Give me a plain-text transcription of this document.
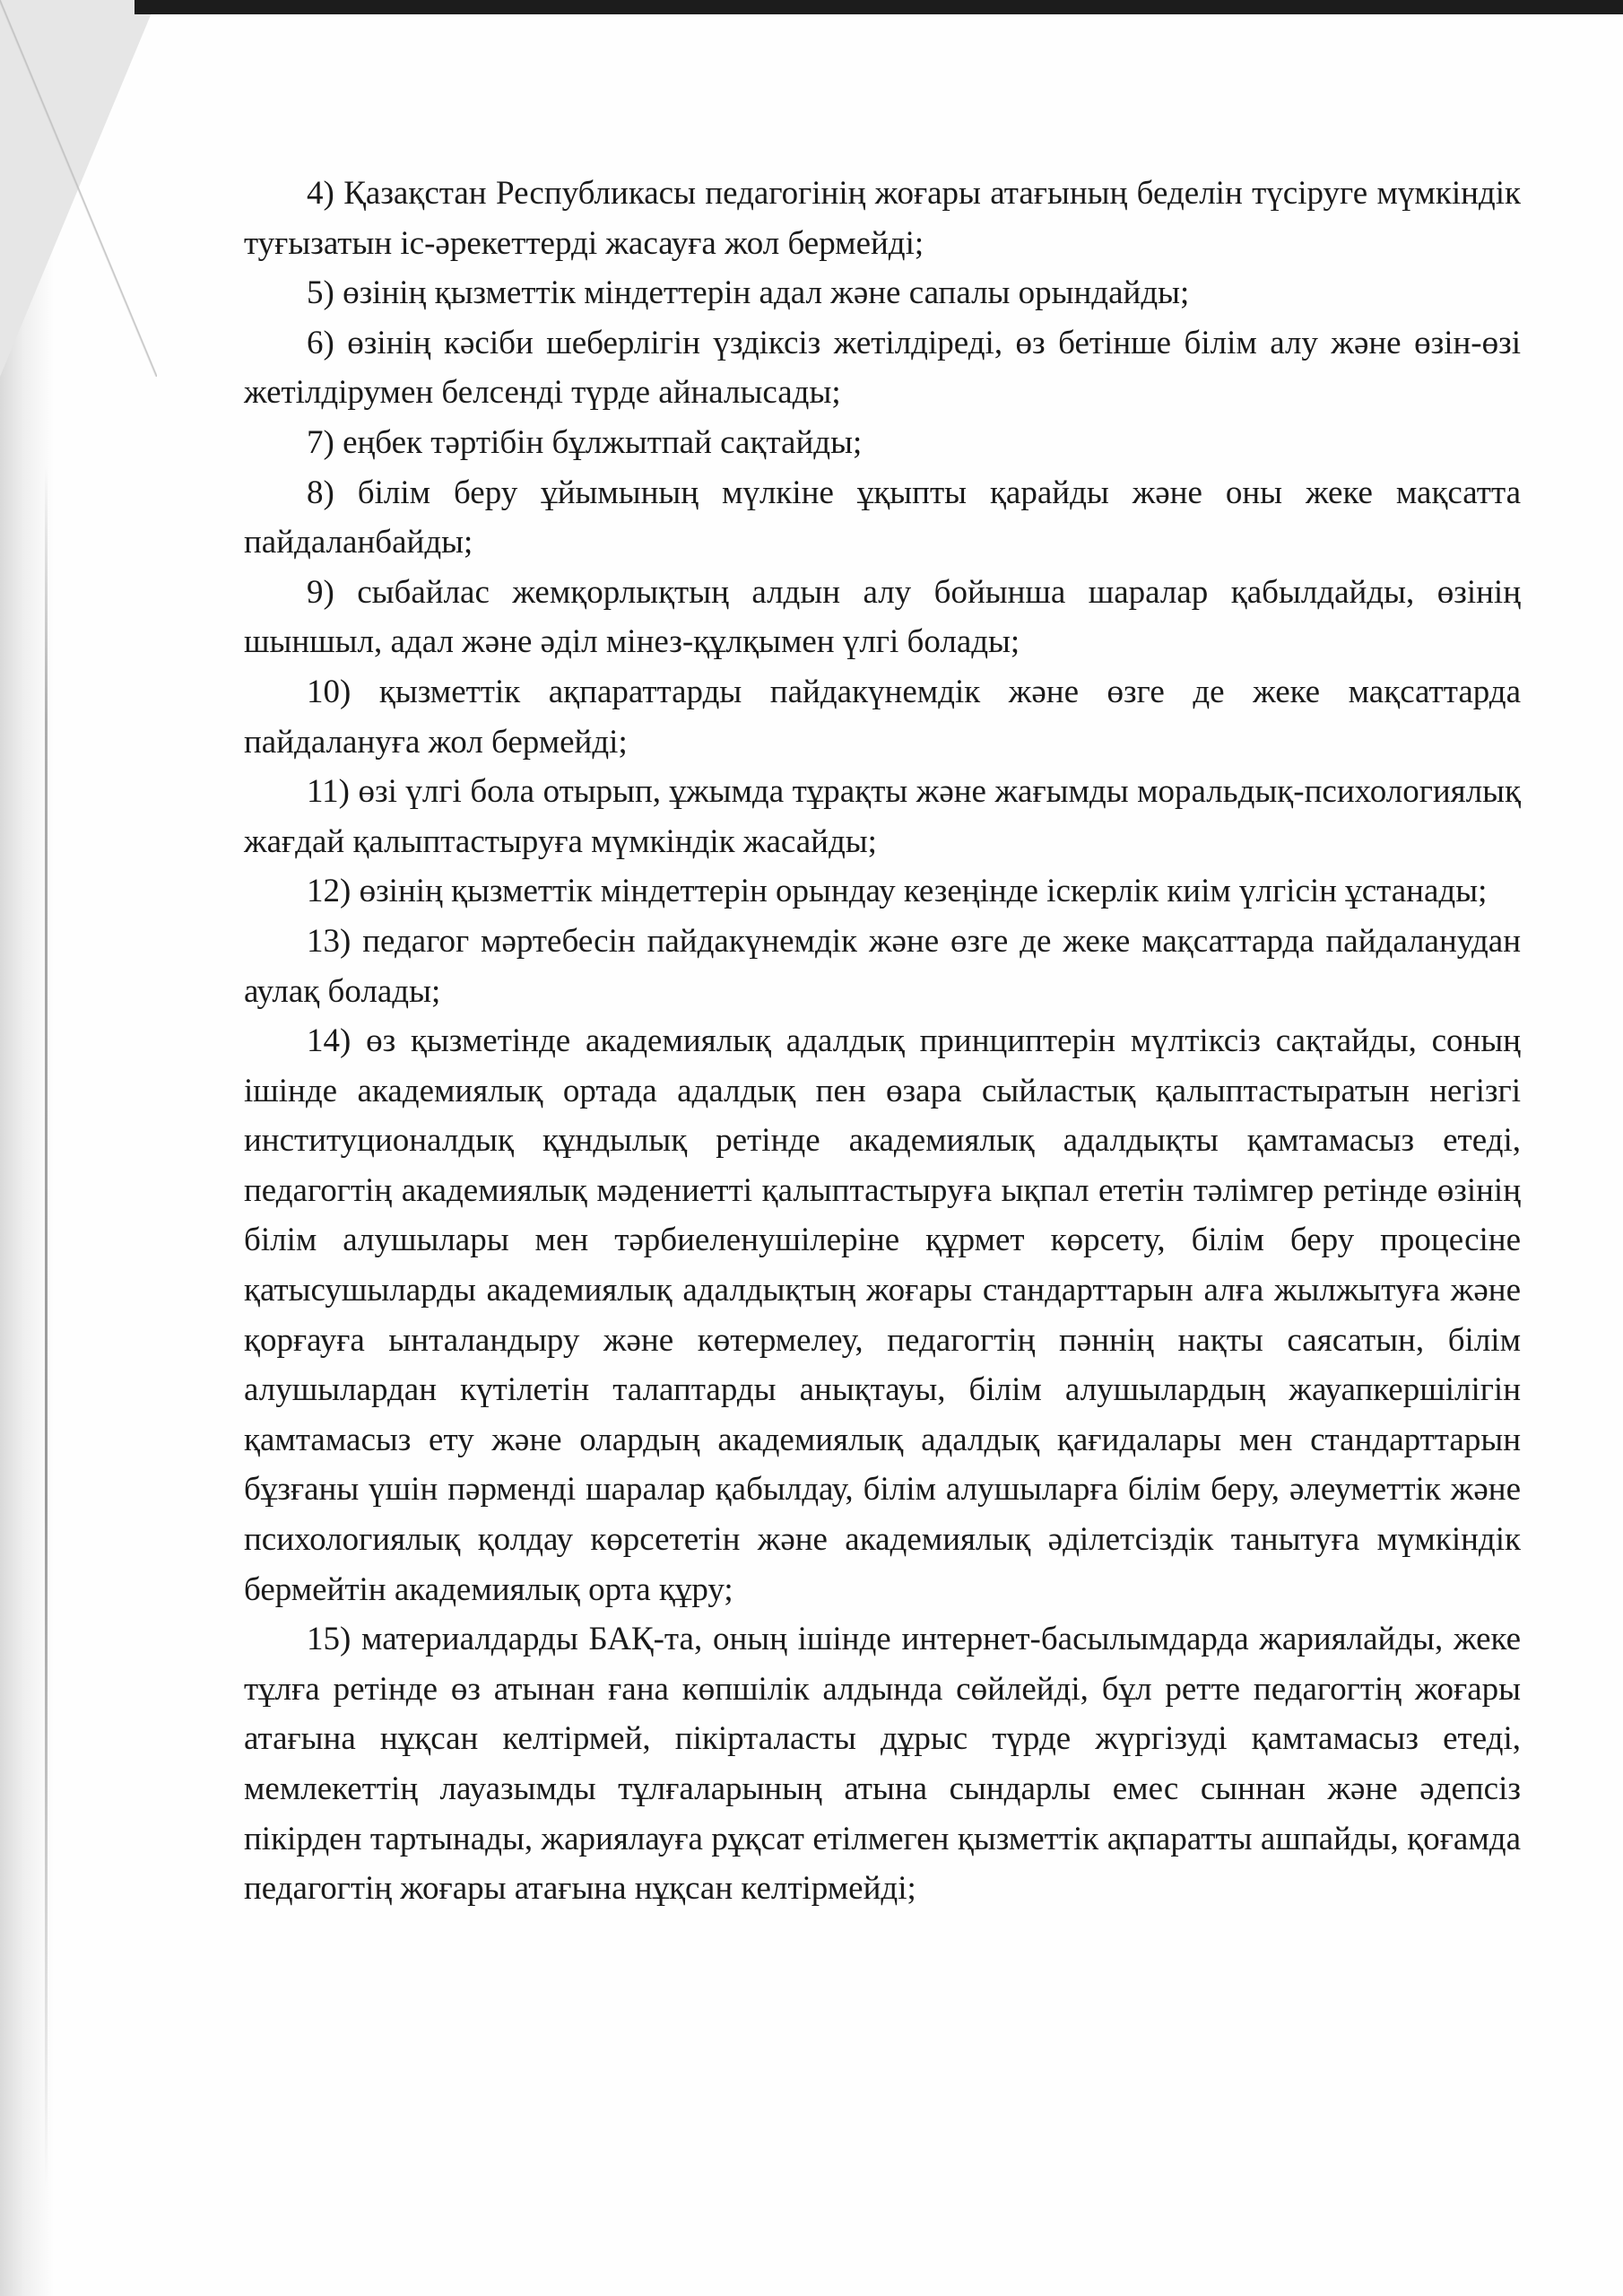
4) Қазақстан Республикасы педагогінің жоғары атағының беделін түсіруге мүмкіндік туғызатын іс-әрекеттерді жасауға жол бермейді;

5) өзінің қызметтік міндеттерін адал және сапалы орындайды;

6) өзінің кәсіби шеберлігін үздіксіз жетілдіреді, өз бетінше білім алу және өзін-өзі жетілдірумен белсенді түрде айналысады;

7) еңбек тәртібін бұлжытпай сақтайды;

8) білім беру ұйымының мүлкіне ұқыпты қарайды және оны жеке мақсатта пайдаланбайды;

9) сыбайлас жемқорлықтың алдын алу бойынша шаралар қабылдайды, өзінің шыншыл, адал және әділ мінез-құлқымен үлгі болады;

10) қызметтік ақпараттарды пайдакүнемдік және өзге де жеке мақсаттарда пайдалануға жол бермейді;

11) өзі үлгі бола отырып, ұжымда тұрақты және жағымды моральдық-психологиялық жағдай қалыптастыруға мүмкіндік жасайды;

12) өзінің қызметтік міндеттерін орындау кезеңінде іскерлік киім үлгісін ұстанады;

13) педагог мәртебесін пайдакүнемдік және өзге де жеке мақсаттарда пайдаланудан аулақ болады;

14) өз қызметінде академиялық адалдық принциптерін мүлтіксіз сақтайды, соның ішінде академиялық ортада адалдық пен өзара сыйластық қалыптастыратын негізгі институционалдық құндылық ретінде академиялық адалдықты қамтамасыз етеді, педагогтің академиялық мәдениетті қалыптастыруға ықпал ететін тәлімгер ретінде өзінің білім алушылары мен тәрбиеленушілеріне құрмет көрсету, білім беру процесіне қатысушыларды академиялық адалдықтың жоғары стандарттарын алға жылжытуға және қорғауға ынталандыру және көтермелеу, педагогтің пәннің нақты саясатын, білім алушылардан күтілетін талаптарды анықтауы, білім алушылардың жауапкершілігін қамтамасыз ету және олардың академиялық адалдық қағидалары мен стандарттарын бұзғаны үшін пәрменді шаралар қабылдау, білім алушыларға білім беру, әлеуметтік және психологиялық қолдау көрсететін және академиялық әділетсіздік танытуға мүмкіндік бермейтін академиялық орта құру;

15) материалдарды БАҚ-та, оның ішінде интернет-басылымдарда жариялайды, жеке тұлға ретінде өз атынан ғана көпшілік алдында сөйлейді, бұл ретте педагогтің жоғары атағына нұқсан келтірмей, пікірталасты дұрыс түрде жүргізуді қамтамасыз етеді, мемлекеттің лауазымды тұлғаларының атына сындарлы емес сыннан және әдепсіз пікірден тартынады, жариялауға рұқсат етілмеген қызметтік ақпаратты ашпайды, қоғамда педагогтің жоғары атағына нұқсан келтірмейді;
